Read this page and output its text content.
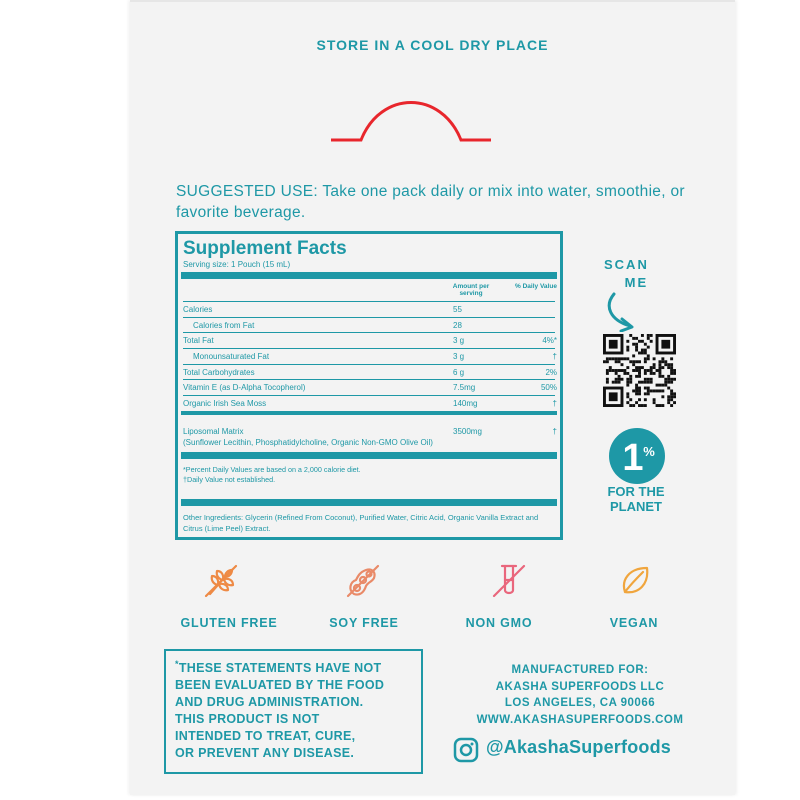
STORE IN A COOL DRY PLACE
SUGGESTED USE: Take one pack daily or mix into water, smoothie, or favorite beverage.
Supplement Facts
Serving size: 1 Pouch (15 mL)
Amount per serving
% Daily Value
Calories	55
Calories from Fat	28
Total Fat	3 g	4%*
Monounsaturated Fat	3 g	†
Total Carbohydrates	6 g	2%
Vitamin E (as D-Alpha Tocopherol)	7.5mg	50%
Organic Irish Sea Moss	140mg	†
Liposomal Matrix	3500mg	†
(Sunflower Lecithin, Phosphatidylcholine, Organic Non-GMO Olive Oil)
*Percent Daily Values are based on a 2,000 calorie diet.
†Daily Value not established.
Other Ingredients: Glycerin (Refined From Coconut), Purified Water, Citric Acid, Organic Vanilla Extract and Citrus (Lime Peel) Extract.
SCAN
ME
1 %
FOR THE
PLANET
GLUTEN FREE	SOY FREE	NON GMO	VEGAN
*THESE STATEMENTS HAVE NOT
BEEN EVALUATED BY THE FOOD
AND DRUG ADMINISTRATION.
THIS PRODUCT IS NOT
INTENDED TO TREAT, CURE,
OR PREVENT ANY DISEASE.
MANUFACTURED FOR:
AKASHA SUPERFOODS LLC
LOS ANGELES, CA 90066
WWW.AKASHASUPERFOODS.COM
@AkashaSuperfoods
